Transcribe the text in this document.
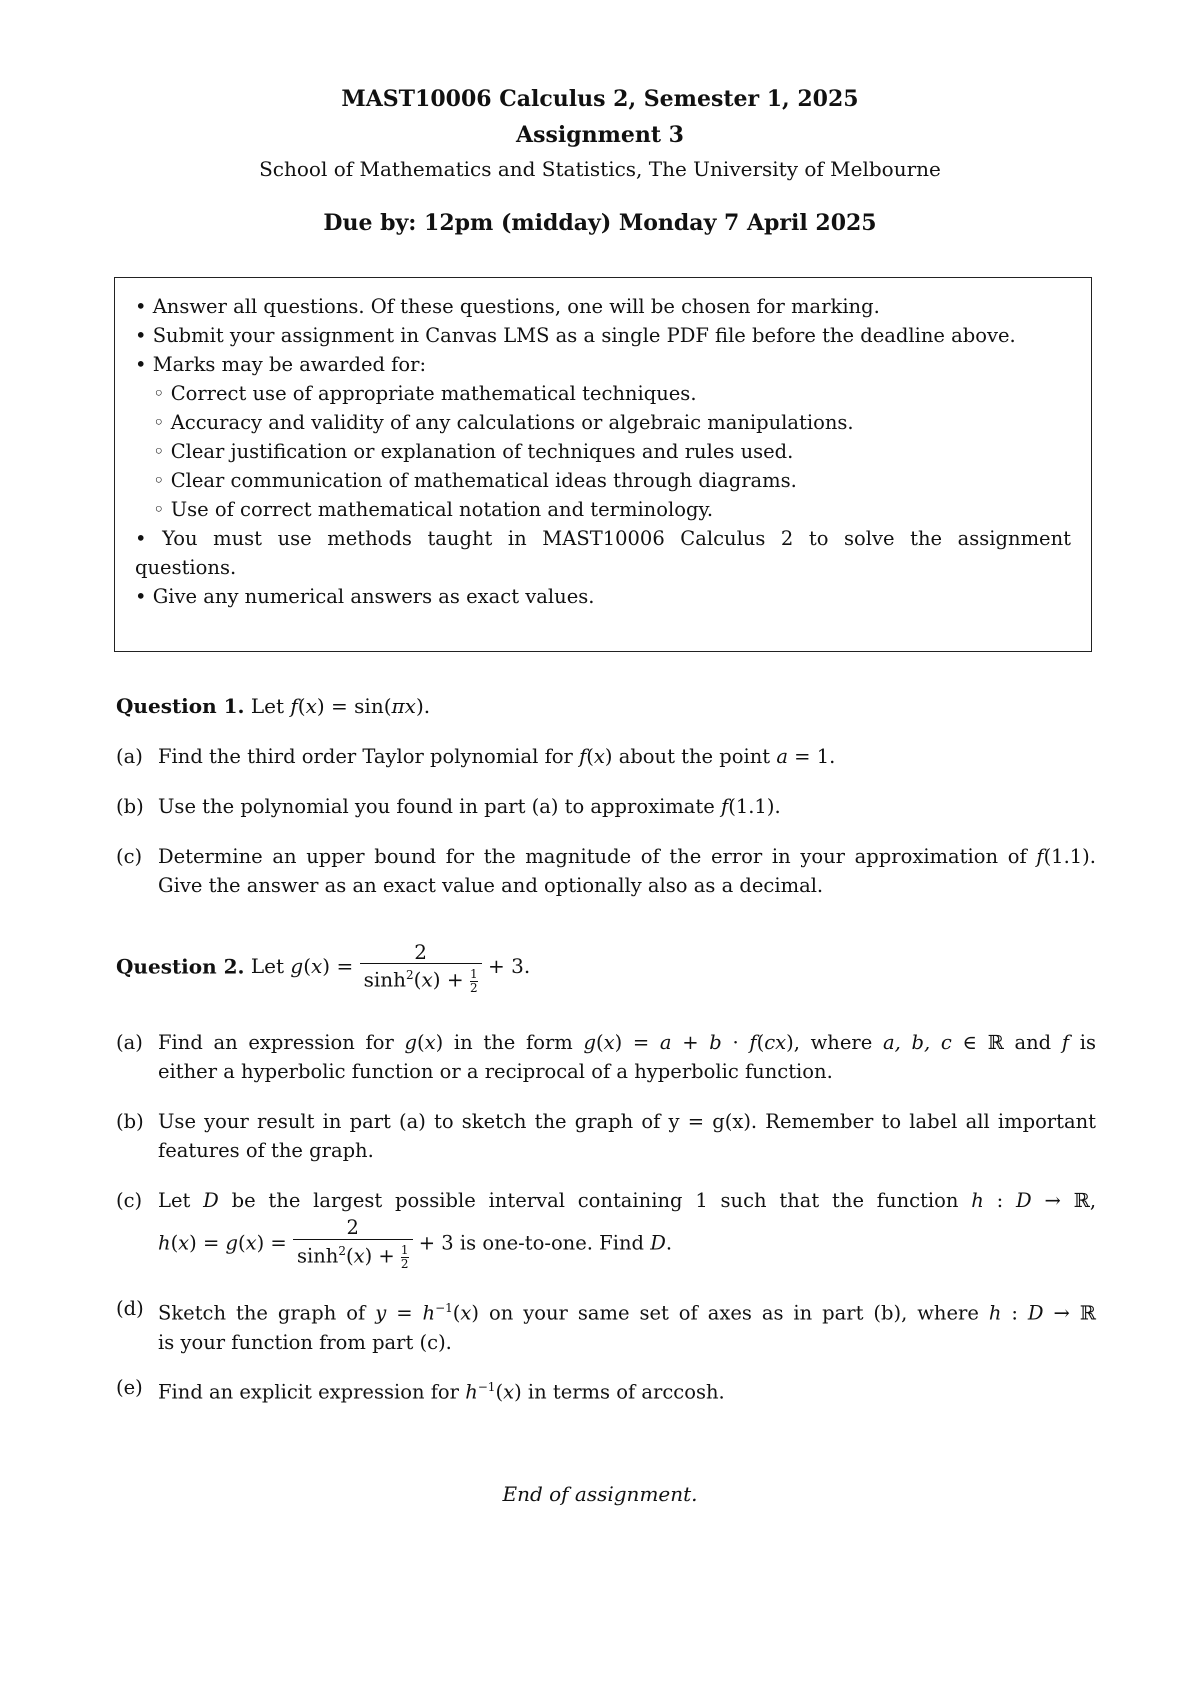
MAST10006 Calculus 2, Semester 1, 2025
Assignment 3
School of Mathematics and Statistics, The University of Melbourne
Due by: 12pm (midday) Monday 7 April 2025
• Answer all questions. Of these questions, one will be chosen for marking.
• Submit your assignment in Canvas LMS as a single PDF file before the deadline above.
• Marks may be awarded for:
◦ Correct use of appropriate mathematical techniques.
◦ Accuracy and validity of any calculations or algebraic manipulations.
◦ Clear justification or explanation of techniques and rules used.
◦ Clear communication of mathematical ideas through diagrams.
◦ Use of correct mathematical notation and terminology.
• You must use methods taught in MAST10006 Calculus 2 to solve the assignment
questions.
• Give any numerical answers as exact values.
Question 1. Let f(x) = sin(πx).
(a) Find the third order Taylor polynomial for f(x) about the point a = 1.
(b) Use the polynomial you found in part (a) to approximate f(1.1).
(c) Determine an upper bound for the magnitude of the error in your approximation of f(1.1).
Give the answer as an exact value and optionally also as a decimal.
Question 2. Let $g(x) = \frac{2}{\sinh^2(x) + \frac{1}{2}} + 3$.
(a) Find an expression for g(x) in the form g(x) = a + b · f(cx), where a, b, c ∈ ℝ and f is
either a hyperbolic function or a reciprocal of a hyperbolic function.
(b) Use your result in part (a) to sketch the graph of y = g(x). Remember to label all important
features of the graph.
(c) Let D be the largest possible interval containing 1 such that the function h : D → ℝ,
$h(x) = g(x) = \frac{2}{\sinh^2(x) + \frac{1}{2}} + 3$ is one-to-one. Find D.
(d) Sketch the graph of $y = h^{-1}(x)$ on your same set of axes as in part (b), where h : D → ℝ
is your function from part (c).
(e) Find an explicit expression for $h^{-1}(x)$ in terms of arccosh.
End of assignment.
